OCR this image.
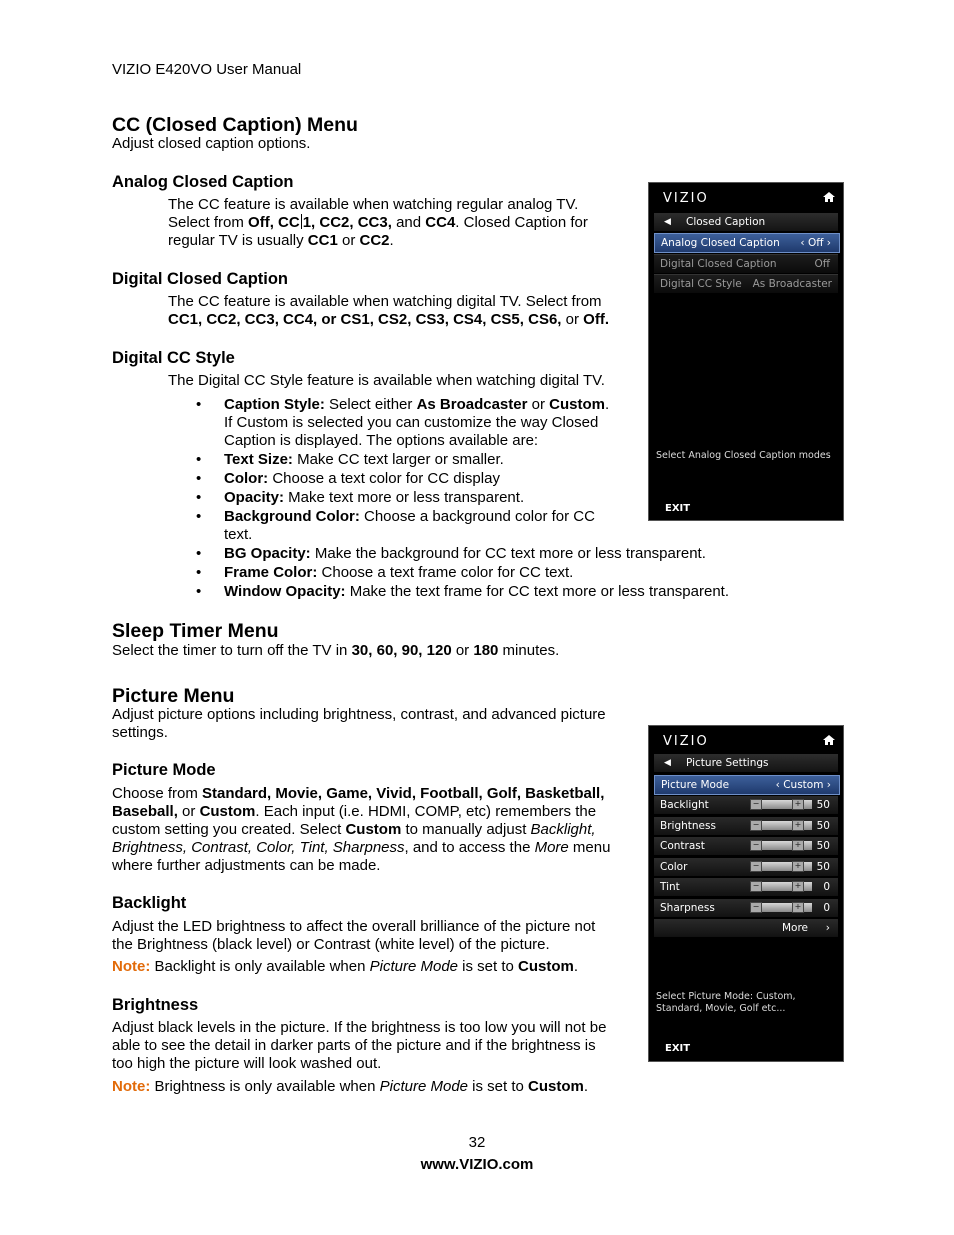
VIZIO E420VO User Manual
CC (Closed Caption) Menu
Adjust closed caption options.
Analog Closed Caption
The CC feature is available when watching regular analog TV.
Select from Off, CC 1, CC2, CC3, and CC4. Closed Caption for
regular TV is usually CC1 or CC2.
Digital Closed Caption
The CC feature is available when watching digital TV. Select from
CC1, CC2, CC3, CC4, or CS1, CS2, CS3, CS4, CS5, CS6, or Off.
Digital CC Style
The Digital CC Style feature is available when watching digital TV.
•	Caption Style: Select either As Broadcaster or Custom.
If Custom is selected you can customize the way Closed
Caption is displayed. The options available are:
•	Text Size: Make CC text larger or smaller.
•	Color: Choose a text color for CC display
•	Opacity: Make text more or less transparent.
•	Background Color: Choose a background color for CC
text.
•	BG Opacity: Make the background for CC text more or less transparent.
•	Frame Color: Choose a text frame color for CC text.
•	Window Opacity: Make the text frame for CC text more or less transparent.
Sleep Timer Menu
Select the timer to turn off the TV in 30, 60, 90, 120 or 180 minutes.
Picture Menu
Adjust picture options including brightness, contrast, and advanced picture
settings.
Picture Mode
Choose from Standard, Movie, Game, Vivid, Football, Golf, Basketball,
Baseball, or Custom. Each input (i.e. HDMI, COMP, etc) remembers the
custom setting you created. Select Custom to manually adjust Backlight,
Brightness, Contrast, Color, Tint, Sharpness, and to access the More menu
where further adjustments can be made.
Backlight
Adjust the LED brightness to affect the overall brilliance of the picture not
the Brightness (black level) or Contrast (white level) of the picture.
Note: Backlight is only available when Picture Mode is set to Custom.
Brightness
Adjust black levels in the picture. If the brightness is too low you will not be
able to see the detail in darker parts of the picture and if the brightness is
too high the picture will look washed out.
Note: Brightness is only available when Picture Mode is set to Custom.
VIZIO
◀ Closed Caption
Analog Closed Caption ‹ Off ›
Digital Closed Caption	Off
Digital CC Style As Broadcaster
Select Analog Closed Caption modes
EXIT
VIZIO
◀ Picture Settings
Picture Mode	‹ Custom ›
Backlight	−	+ 50
Brightness	−	+ 50
Contrast	−	+ 50
Color	−	+ 50
Tint	−	+ 0
Sharpness	−	+ 0
More ›
Select Picture Mode: Custom, Standard, Movie, Golf etc...
EXIT
32
www.VIZIO.com
